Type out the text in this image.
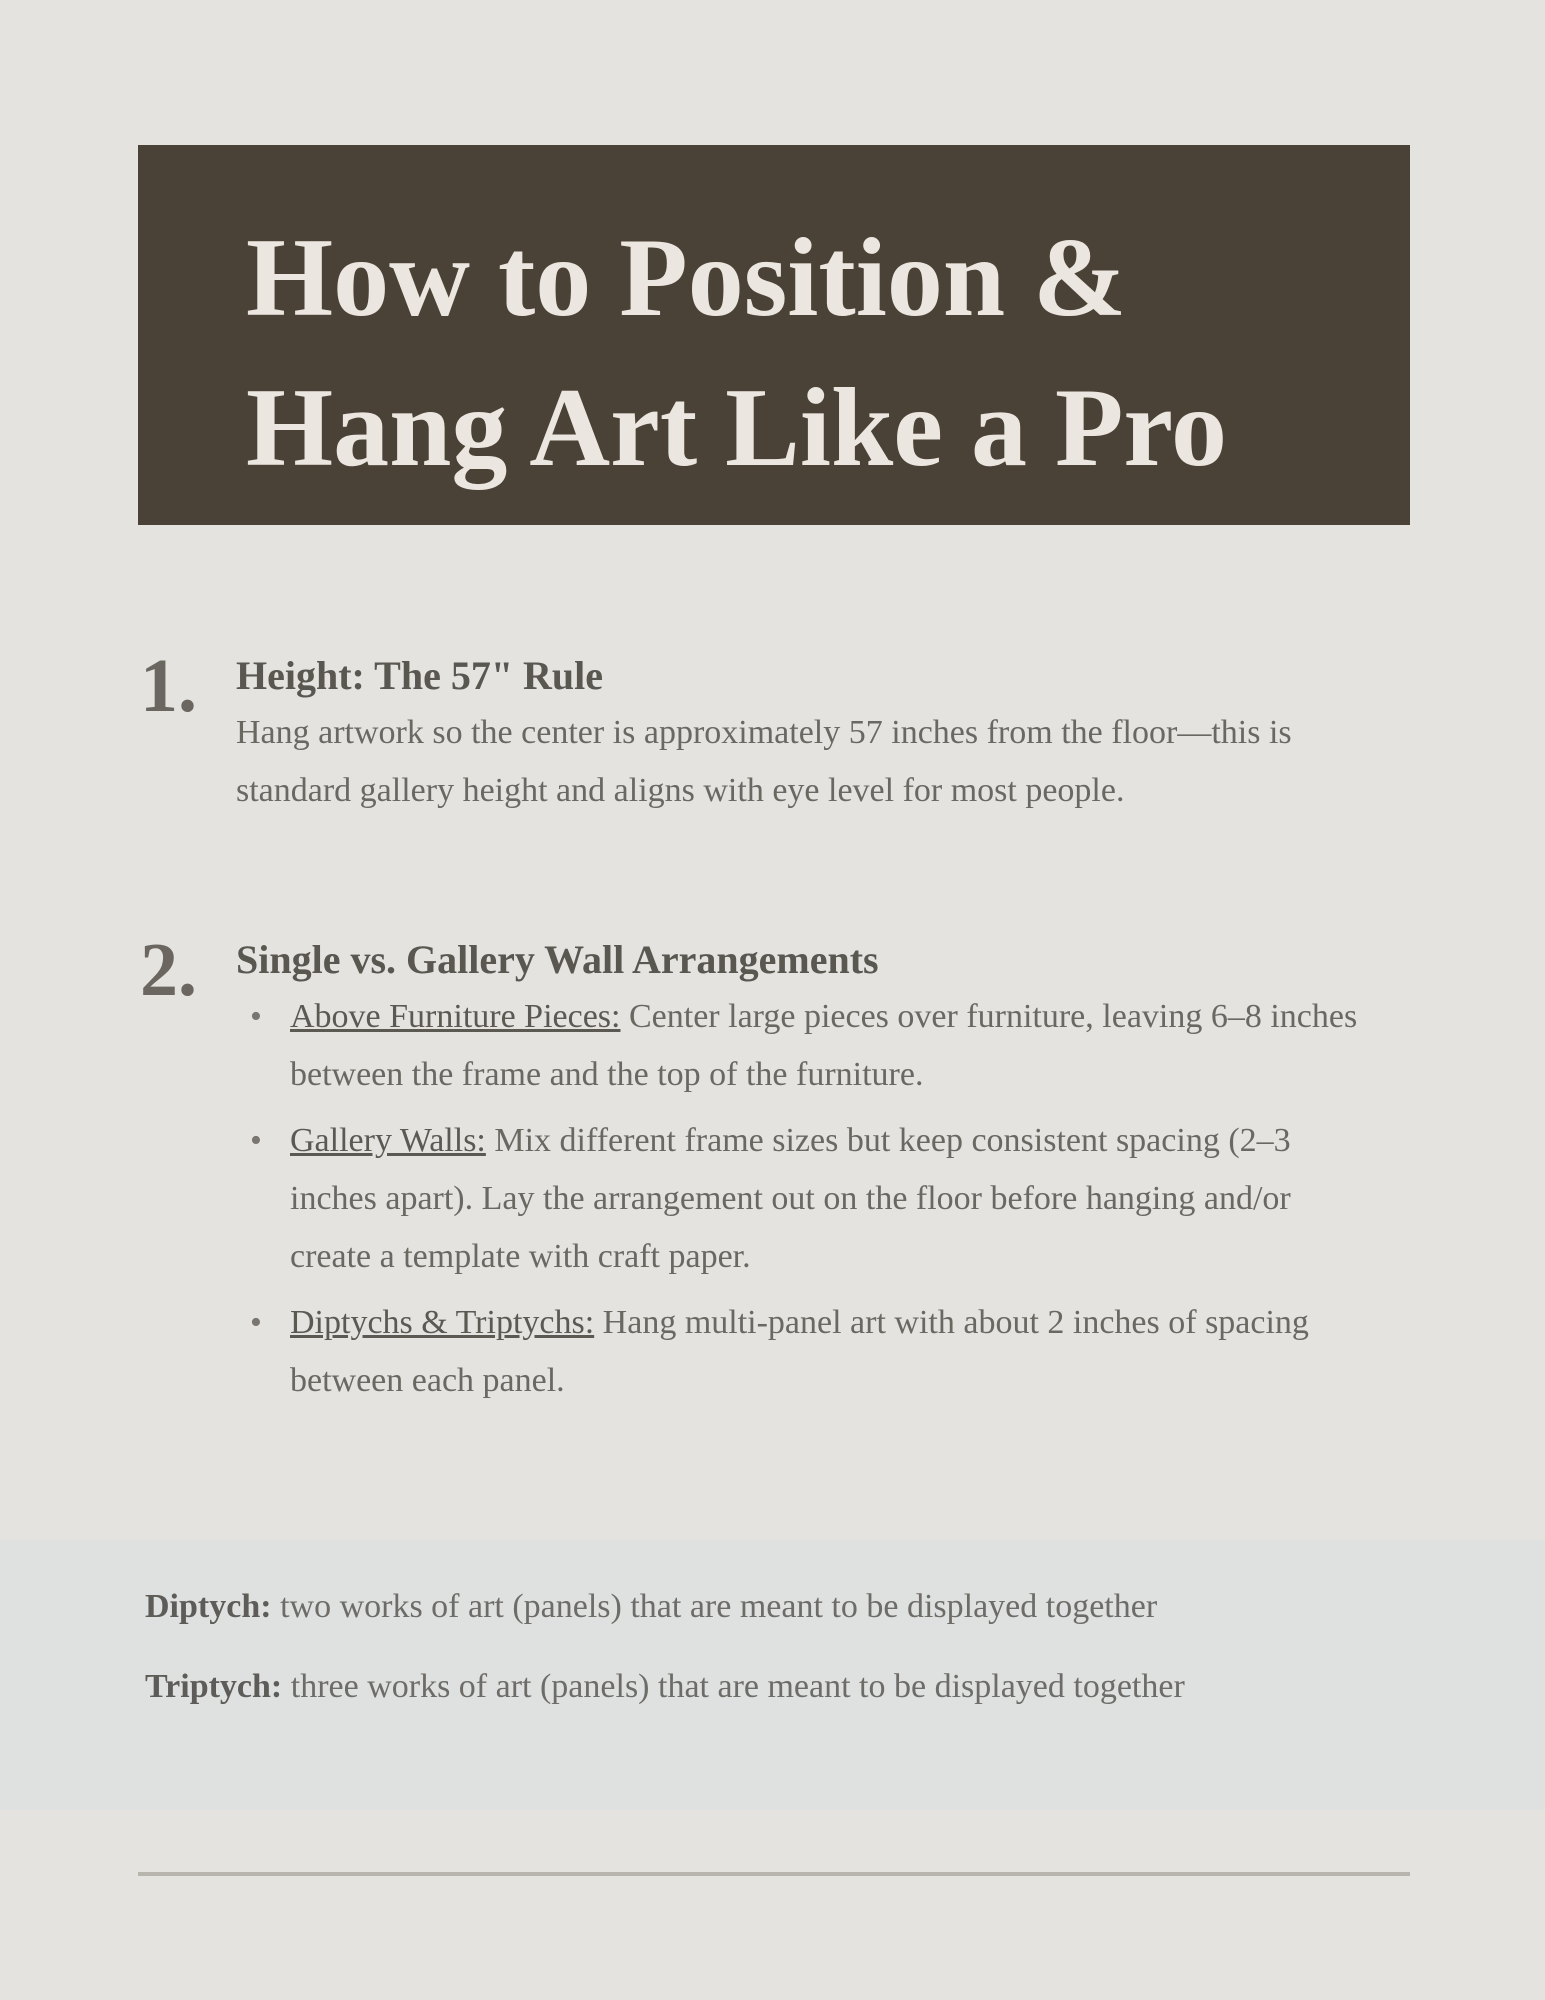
How to Position &
Hang Art Like a Pro
1. Height: The 57" Rule

Hang artwork so the center is approximately 57 inches from the floor—this is standard gallery height and aligns with eye level for most people.

2. Single vs. Gallery Wall Arrangements

• Above Furniture Pieces: Center large pieces over furniture, leaving 6–8 inches between the frame and the top of the furniture.
• Gallery Walls: Mix different frame sizes but keep consistent spacing (2–3 inches apart). Lay the arrangement out on the floor before hanging and/or create a template with craft paper.
• Diptychs & Triptychs: Hang multi-panel art with about 2 inches of spacing between each panel.
Diptych: two works of art (panels) that are meant to be displayed together
Triptych: three works of art (panels) that are meant to be displayed together
